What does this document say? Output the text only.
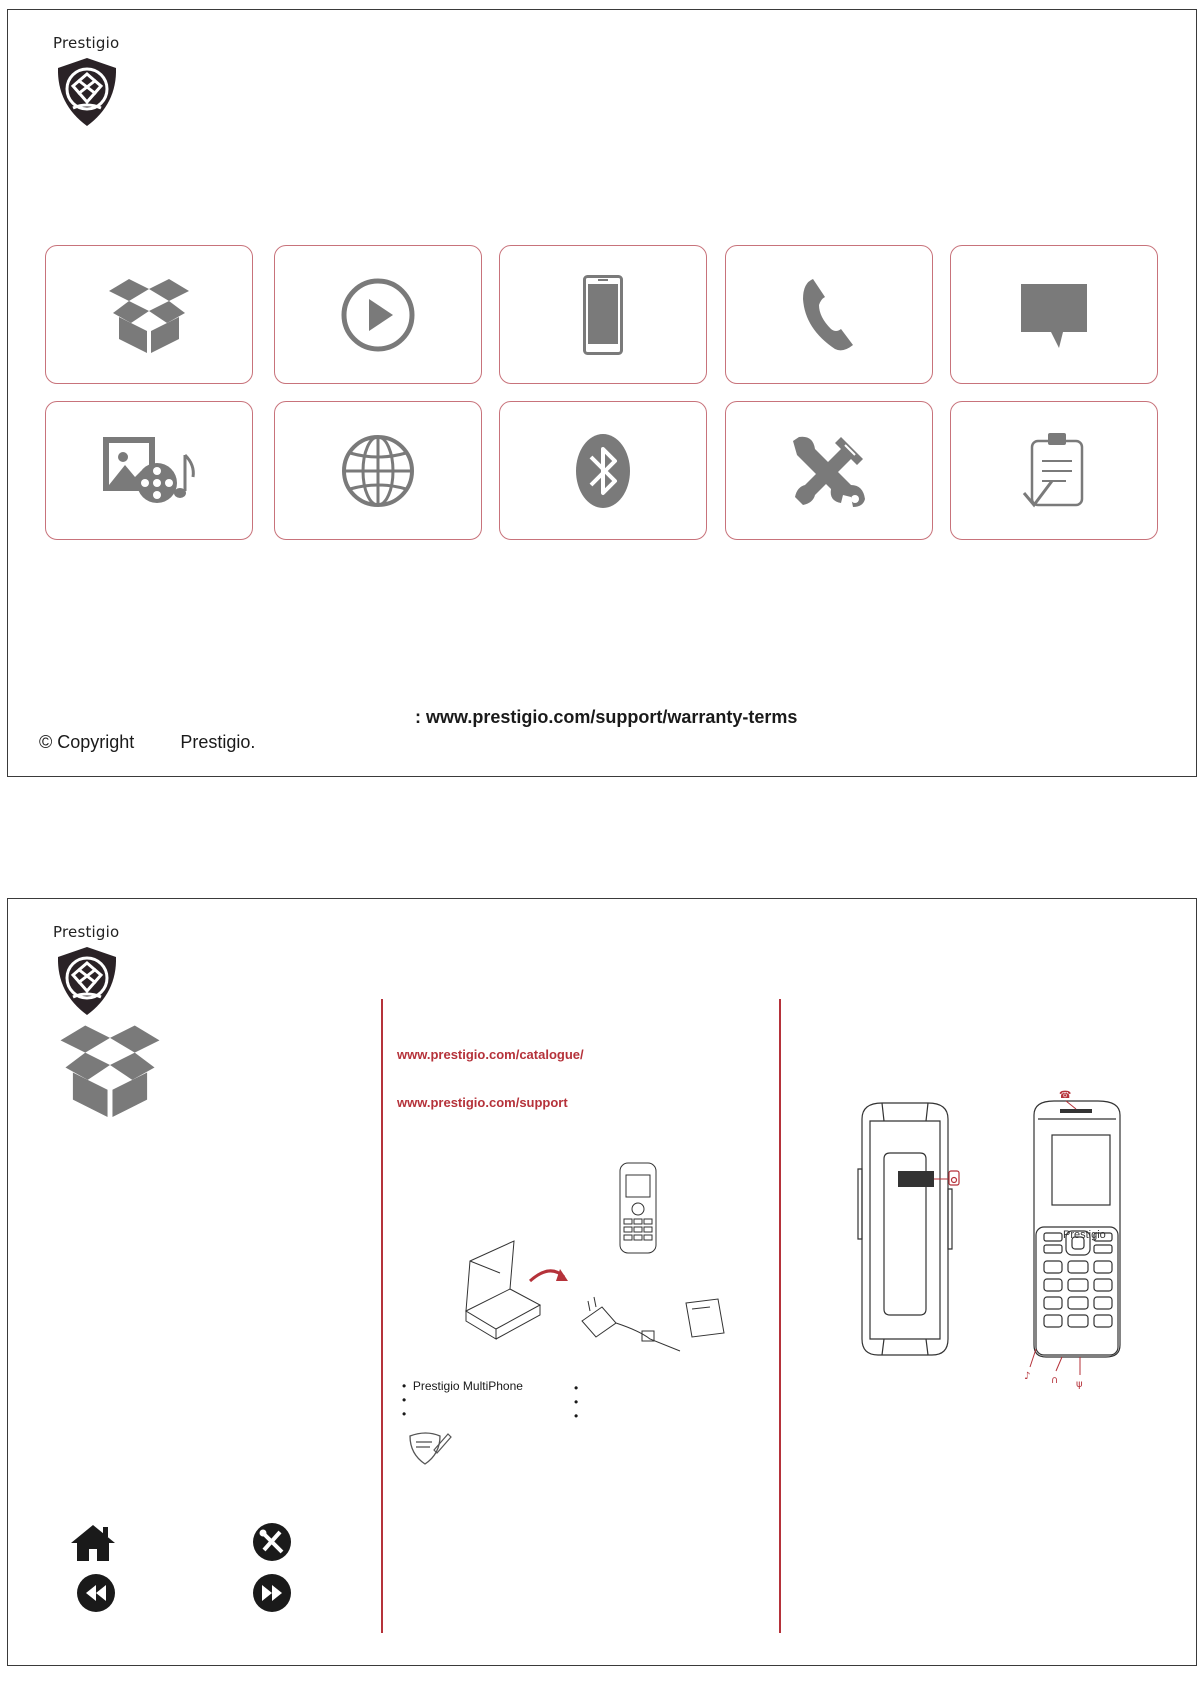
Prestigio
: www.prestigio.com/support/warranty-terms
© Copyright	Prestigio.
Prestigio
www.prestigio.com/catalogue/
www.prestigio.com/support
•  Prestigio MultiPhone
•
•
•
•
•
☎
♪ ∩ ψ
Prestigio
